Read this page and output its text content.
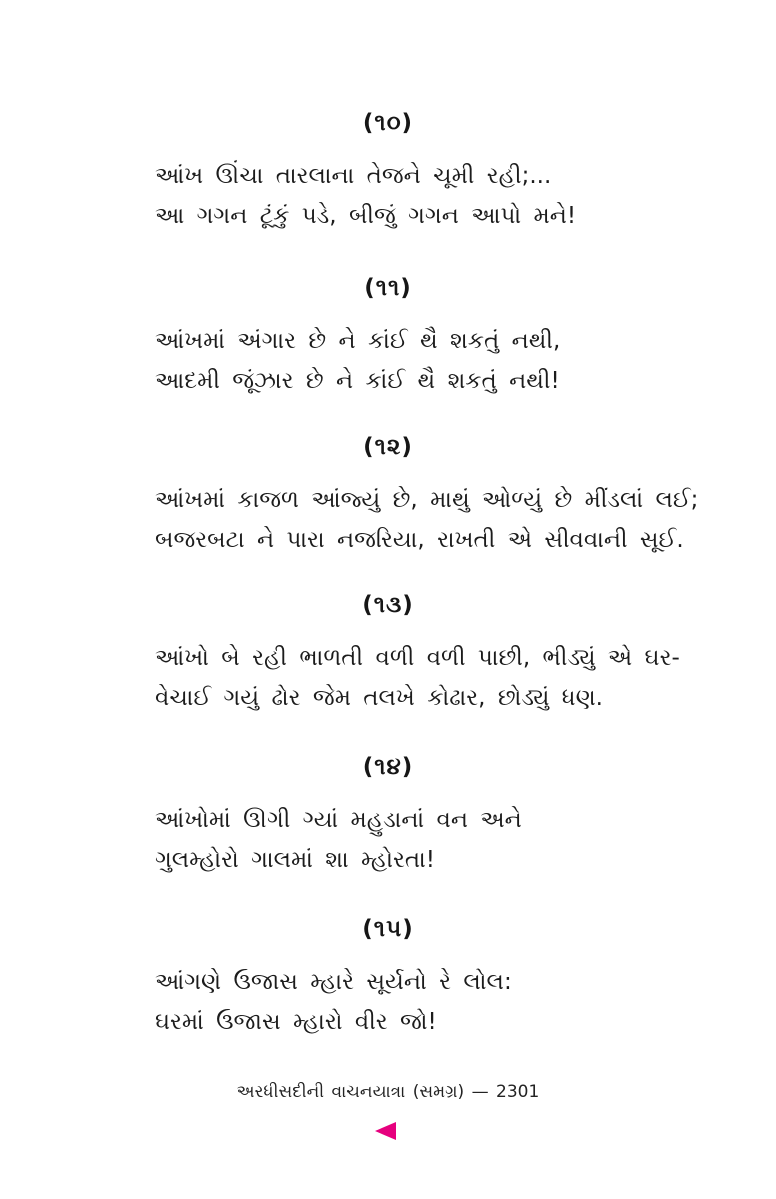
(૧૦)
આંખ ઊંચા તારલાના તેજને ચૂમી રહી;...
આ ગગન ટૂંકું પડે, બીજું ગગન આપો મને!
(૧૧)
આંખમાં અંગાર છે ને કાંઈ થૈ શકતું નથી,
આદમી જૂંઝાર છે ને કાંઈ થૈ શકતું નથી!
(૧૨)
આંખમાં કાજળ આંજ્યું છે, માથું ઓળ્યું છે મીંડલાં લઈ;
બજરબટા ને પારા નજરિયા, રાખતી એ સીવવાની સૂઈ.
(૧૩)
આંખો બે રહી ભાળતી વળી વળી પાછી, ભીડ્યું એ ઘર-
વેચાઈ ગયું ઢોર જેમ તલખે કોઢાર, છોડ્યું ધણ.
(૧૪)
આંખોમાં ઊગી ગ્યાં મહુડાનાં વન અને
ગુલમ્હોરો ગાલમાં શા મ્હોરતા!
(૧૫)
આંગણે ઉજાસ મ્હારે સૂર્યનો રે લોલ:
ઘરમાં ઉજાસ મ્હારો વીર જો!
અરધીસદીની વાચનયાત્રા (સમગ્ર) — 2301
